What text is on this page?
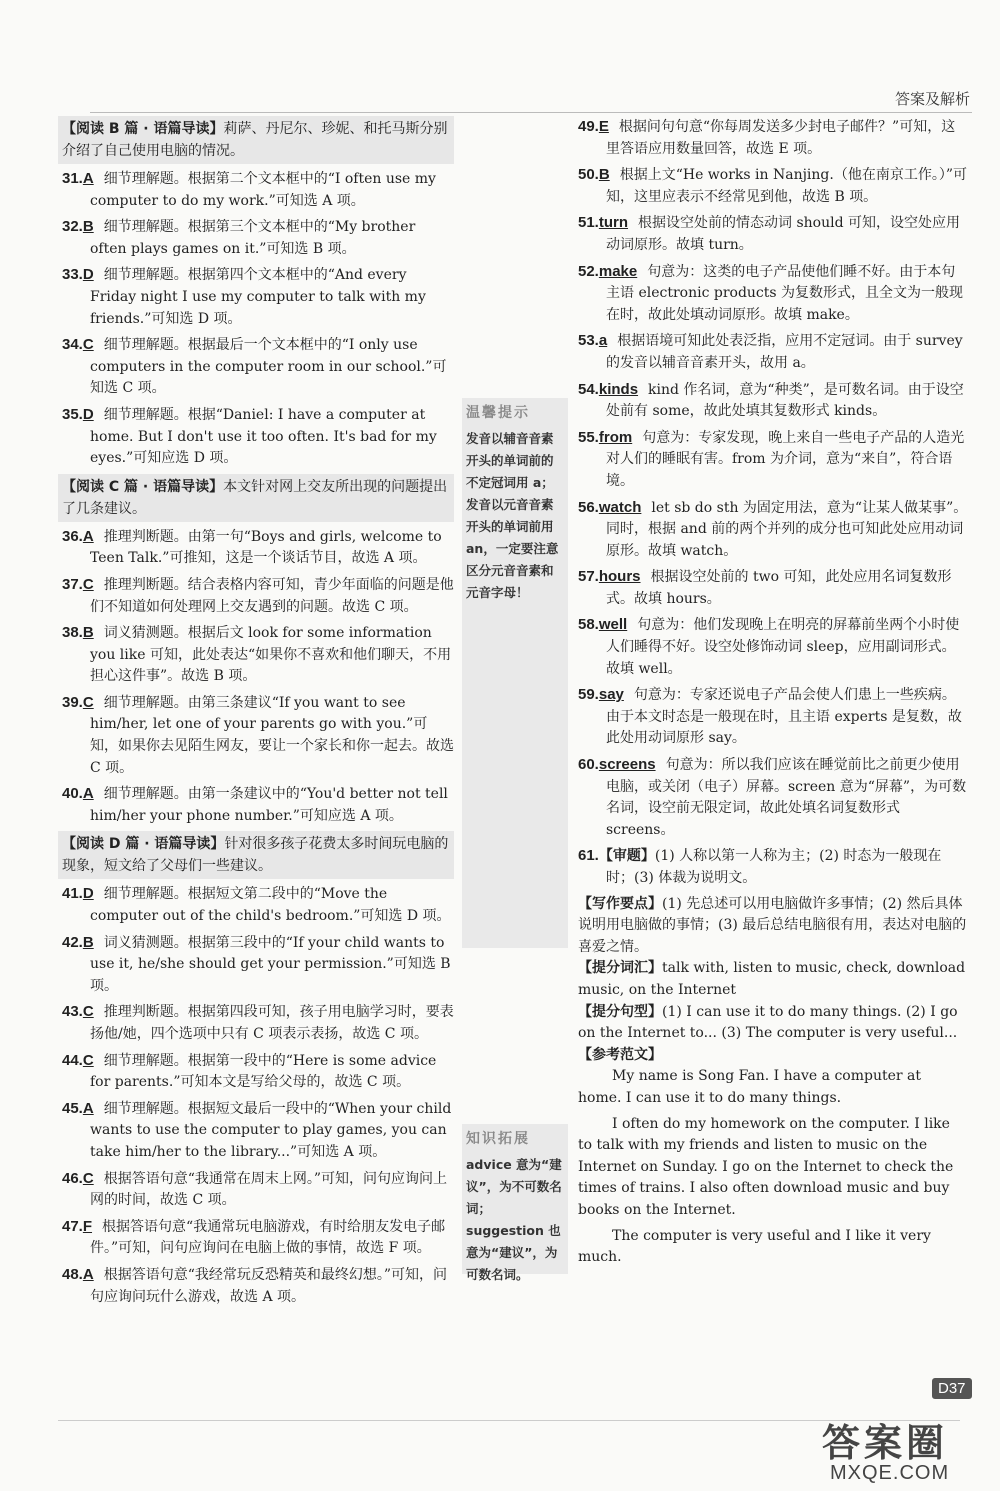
答案及解析
【阅读 B 篇 · 语篇导读】莉萨、丹尼尔、珍妮、和托马斯分别介绍了自己使用电脑的情况。
31.A 细节理解题。根据第二个文本框中的“I often use my computer to do my work.”可知选 A 项。
32.B 细节理解题。根据第三个文本框中的“My brother often plays games on it.”可知选 B 项。
33.D 细节理解题。根据第四个文本框中的“And every Friday night I use my computer to talk with my friends.”可知选 D 项。
34.C 细节理解题。根据最后一个文本框中的“I only use computers in the computer room in our school.”可知选 C 项。
35.D 细节理解题。根据“Daniel: I have a computer at home. But I don't use it too often. It's bad for my eyes.”可知应选 D 项。
【阅读 C 篇 · 语篇导读】本文针对网上交友所出现的问题提出了几条建议。
36.A 推理判断题。由第一句“Boys and girls, welcome to Teen Talk.”可推知，这是一个谈话节目，故选 A 项。
37.C 推理判断题。结合表格内容可知，青少年面临的问题是他们不知道如何处理网上交友遇到的问题。故选 C 项。
38.B 词义猜测题。根据后文 look for some information you like 可知，此处表达“如果你不喜欢和他们聊天，不用担心这件事”。故选 B 项。
39.C 细节理解题。由第三条建议“If you want to see him/her, let one of your parents go with you.”可知，如果你去见陌生网友，要让一个家长和你一起去。故选 C 项。
40.A 细节理解题。由第一条建议中的“You'd better not tell him/her your phone number.”可知应选 A 项。
【阅读 D 篇 · 语篇导读】针对很多孩子花费太多时间玩电脑的现象，短文给了父母们一些建议。
41.D 细节理解题。根据短文第二段中的“Move the computer out of the child's bedroom.”可知选 D 项。
42.B 词义猜测题。根据第三段中的“If your child wants to use it, he/she should get your permission.”可知选 B 项。
43.C 推理判断题。根据第四段可知，孩子用电脑学习时，要表扬他/她，四个选项中只有 C 项表示表扬，故选 C 项。
44.C 细节理解题。根据第一段中的“Here is some advice for parents.”可知本文是写给父母的，故选 C 项。
45.A 细节理解题。根据短文最后一段中的“When your child wants to use the computer to play games, you can take him/her to the library...”可知选 A 项。
46.C 根据答语句意“我通常在周末上网。”可知，问句应询问上网的时间，故选 C 项。
47.F 根据答语句意“我通常玩电脑游戏，有时给朋友发电子邮件。”可知，问句应询问在电脑上做的事情，故选 F 项。
48.A 根据答语句意“我经常玩反恐精英和最终幻想。”可知，问句应询问玩什么游戏，故选 A 项。
温馨提示
发音以辅音音素开头的单词前的不定冠词用 a；发音以元音音素开头的单词前用 an，一定要注意区分元音音素和元音字母！
知识拓展
advice 意为“建议”，为不可数名词；suggestion 也意为“建议”，为可数名词。
49.E 根据问句句意“你每周发送多少封电子邮件？”可知，这里答语应用数量回答，故选 E 项。
50.B 根据上文“He works in Nanjing.（他在南京工作。）”可知，这里应表示不经常见到他，故选 B 项。
51.turn 根据设空处前的情态动词 should 可知，设空处应用动词原形。故填 turn。
52.make 句意为：这类的电子产品使他们睡不好。由于本句主语 electronic products 为复数形式，且全文为一般现在时，故此处填动词原形。故填 make。
53.a 根据语境可知此处表泛指，应用不定冠词。由于 survey 的发音以辅音音素开头，故用 a。
54.kinds kind 作名词，意为“种类”，是可数名词。由于设空处前有 some，故此处填其复数形式 kinds。
55.from 句意为：专家发现，晚上来自一些电子产品的人造光对人们的睡眠有害。from 为介词，意为“来自”，符合语境。
56.watch let sb do sth 为固定用法，意为“让某人做某事”。同时，根据 and 前的两个并列的成分也可知此处应用动词原形。故填 watch。
57.hours 根据设空处前的 two 可知，此处应用名词复数形式。故填 hours。
58.well 句意为：他们发现晚上在明亮的屏幕前坐两个小时使人们睡得不好。设空处修饰动词 sleep，应用副词形式。故填 well。
59.say 句意为：专家还说电子产品会使人们患上一些疾病。由于本文时态是一般现在时，且主语 experts 是复数，故此处用动词原形 say。
60.screens 句意为：所以我们应该在睡觉前比之前更少使用电脑，或关闭（电子）屏幕。screen 意为“屏幕”，为可数名词，设空前无限定词，故此处填名词复数形式 screens。
61.【审题】(1) 人称以第一人称为主；(2) 时态为一般现在时；(3) 体裁为说明文。
【写作要点】(1) 先总述可以用电脑做许多事情；(2) 然后具体说明用电脑做的事情；(3) 最后总结电脑很有用，表达对电脑的喜爱之情。
【提分词汇】talk with, listen to music, check, download music, on the Internet
【提分句型】(1) I can use it to do many things. (2) I go on the Internet to... (3) The computer is very useful...
【参考范文】

My name is Song Fan. I have a computer at home. I can use it to do many things.

I often do my homework on the computer. I like to talk with my friends and listen to music on the Internet on Sunday. I go on the Internet to check the times of trains. I also often download music and buy books on the Internet.

The computer is very useful and I like it very much.

D37
答案圈
MXQE.COM
